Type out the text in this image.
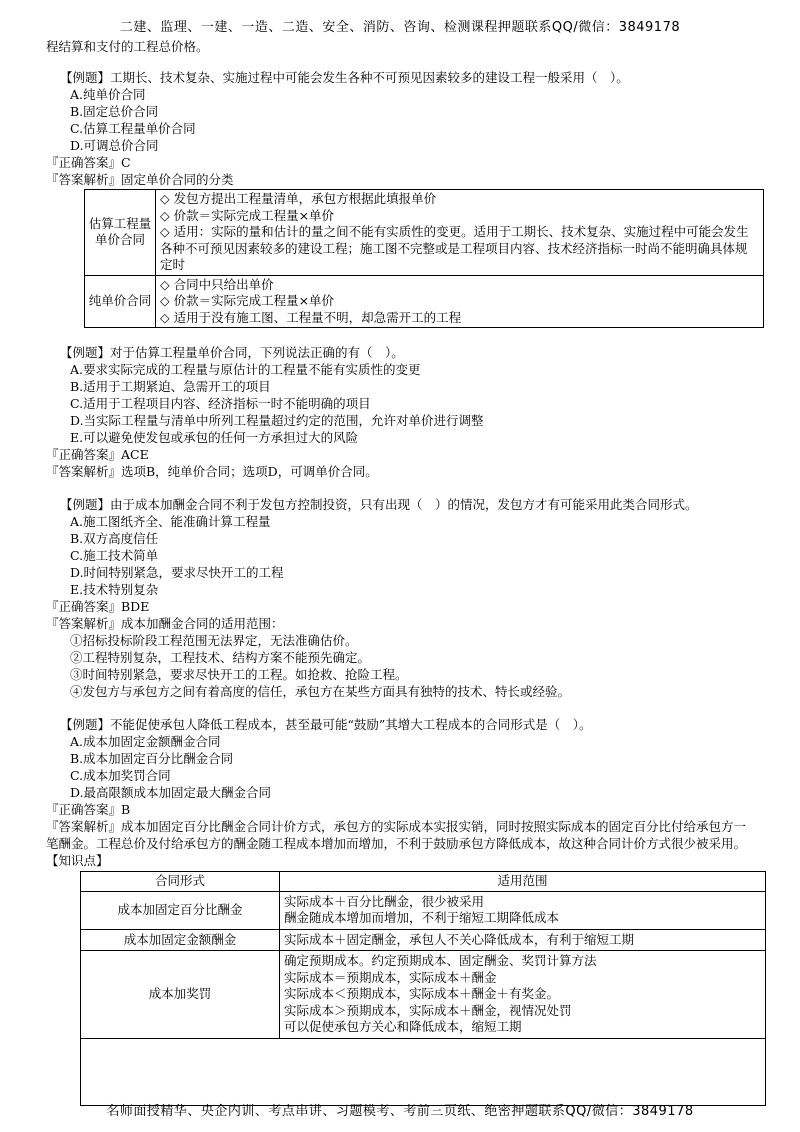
二建、监理、一建、一造、二造、安全、消防、咨询、检测课程押题联系QQ/微信：3849178
程结算和支付的工程总价格。
【例题】工期长、技术复杂、实施过程中可能会发生各种不可预见因素较多的建设工程一般采用（　）。
A.纯单价合同
B.固定总价合同
C.估算工程量单价合同
D.可调总价合同
『正确答案』C
『答案解析』固定单价合同的分类
估算工程量单价合同	◇ 发包方提出工程量清单，承包方根据此填报单价
◇ 价款＝实际完成工程量×单价
◇ 适用：实际的量和估计的量之间不能有实质性的变更。适用于工期长、技术复杂、实施过程中可能会发生各种不可预见因素较多的建设工程；施工图不完整或是工程项目内容、技术经济指标一时尚不能明确具体规定时

纯单价合同	◇ 合同中只给出单价
◇ 价款＝实际完成工程量×单价
◇ 适用于没有施工图、工程量不明，却急需开工的工程
【例题】对于估算工程量单价合同，下列说法正确的有（　）。
A.要求实际完成的工程量与原估计的工程量不能有实质性的变更
B.适用于工期紧迫、急需开工的项目
C.适用于工程项目内容、经济指标一时不能明确的项目
D.当实际工程量与清单中所列工程量超过约定的范围，允许对单价进行调整
E.可以避免使发包或承包的任何一方承担过大的风险
『正确答案』ACE
『答案解析』选项B，纯单价合同；选项D，可调单价合同。
【例题】由于成本加酬金合同不利于发包方控制投资，只有出现（　）的情况，发包方才有可能采用此类合同形式。
A.施工图纸齐全、能准确计算工程量
B.双方高度信任
C.施工技术简单
D.时间特别紧急，要求尽快开工的工程
E.技术特别复杂
『正确答案』BDE
『答案解析』成本加酬金合同的适用范围：
①招标投标阶段工程范围无法界定，无法准确估价。
②工程特别复杂，工程技术、结构方案不能预先确定。
③时间特别紧急，要求尽快开工的工程。如抢救、抢险工程。
④发包方与承包方之间有着高度的信任，承包方在某些方面具有独特的技术、特长或经验。
【例题】不能促使承包人降低工程成本，甚至最可能“鼓励”其增大工程成本的合同形式是（　）。
A.成本加固定金额酬金合同
B.成本加固定百分比酬金合同
C.成本加奖罚合同
D.最高限额成本加固定最大酬金合同
『正确答案』B
『答案解析』成本加固定百分比酬金合同计价方式，承包方的实际成本实报实销，同时按照实际成本的固定百分比付给承包方一笔酬金。工程总价及付给承包方的酬金随工程成本增加而增加，不利于鼓励承包方降低成本，故这种合同计价方式很少被采用。
【知识点】
合同形式	适用范围
成本加固定百分比酬金	实际成本＋百分比酬金，很少被采用
酬金随成本增加而增加，不利于缩短工期降低成本

成本加固定金额酬金	实际成本＋固定酬金，承包人不关心降低成本，有利于缩短工期

成本加奖罚	确定预期成本。约定预期成本、固定酬金、奖罚计算方法
实际成本＝预期成本，实际成本＋酬金
实际成本＜预期成本，实际成本＋酬金＋有奖金。
实际成本＞预期成本，实际成本＋酬金，视情况处罚
可以促使承包方关心和降低成本，缩短工期

名师面授精华、央企内训、考点串讲、习题模考、考前三页纸、绝密押题联系QQ/微信：3849178
